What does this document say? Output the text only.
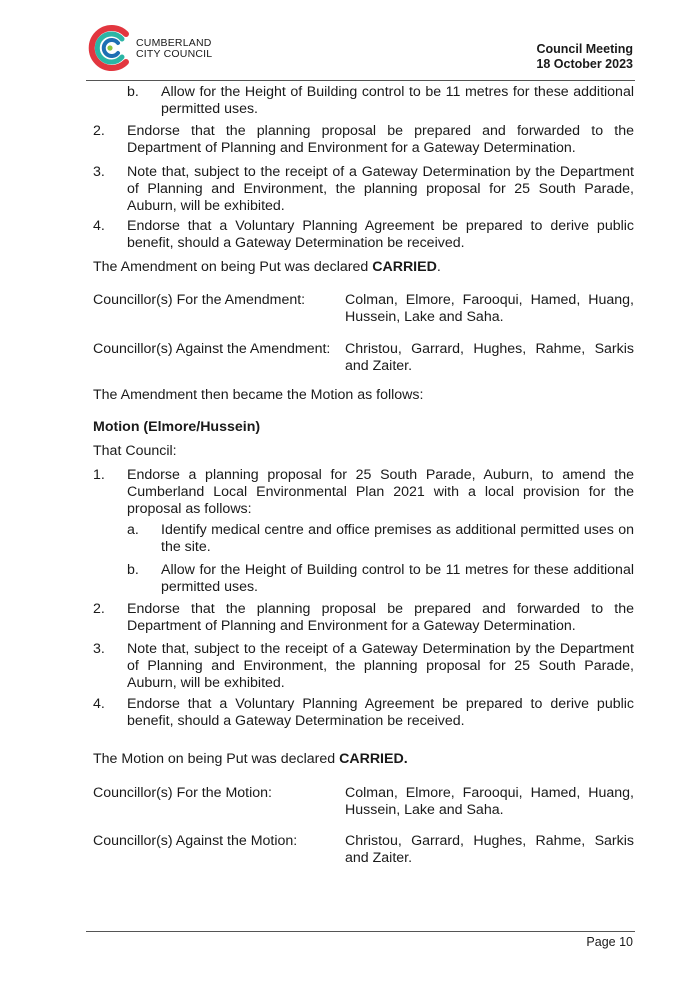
CUMBERLAND
CITY COUNCIL	Council Meeting
18 October 2023
b. Allow for the Height of Building control to be 11 metres for these additional permitted uses.
2. Endorse that the planning proposal be prepared and forwarded to the Department of Planning and Environment for a Gateway Determination.
3. Note that, subject to the receipt of a Gateway Determination by the Department of Planning and Environment, the planning proposal for 25 South Parade, Auburn, will be exhibited.
4. Endorse that a Voluntary Planning Agreement be prepared to derive public benefit, should a Gateway Determination be received.
The Amendment on being Put was declared CARRIED.
Councillor(s) For the Amendment:	Colman, Elmore, Farooqui, Hamed, Huang, Hussein, Lake and Saha.
Councillor(s) Against the Amendment: Christou, Garrard, Hughes, Rahme, Sarkis and Zaiter.
The Amendment then became the Motion as follows:
Motion (Elmore/Hussein)
That Council:
1. Endorse a planning proposal for 25 South Parade, Auburn, to amend the Cumberland Local Environmental Plan 2021 with a local provision for the proposal as follows:
a. Identify medical centre and office premises as additional permitted uses on the site.
b. Allow for the Height of Building control to be 11 metres for these additional permitted uses.
2. Endorse that the planning proposal be prepared and forwarded to the Department of Planning and Environment for a Gateway Determination.
3. Note that, subject to the receipt of a Gateway Determination by the Department of Planning and Environment, the planning proposal for 25 South Parade, Auburn, will be exhibited.
4. Endorse that a Voluntary Planning Agreement be prepared to derive public benefit, should a Gateway Determination be received.
The Motion on being Put was declared CARRIED.
Councillor(s) For the Motion:	Colman, Elmore, Farooqui, Hamed, Huang, Hussein, Lake and Saha.
Councillor(s) Against the Motion:	Christou, Garrard, Hughes, Rahme, Sarkis and Zaiter.
Page 10
